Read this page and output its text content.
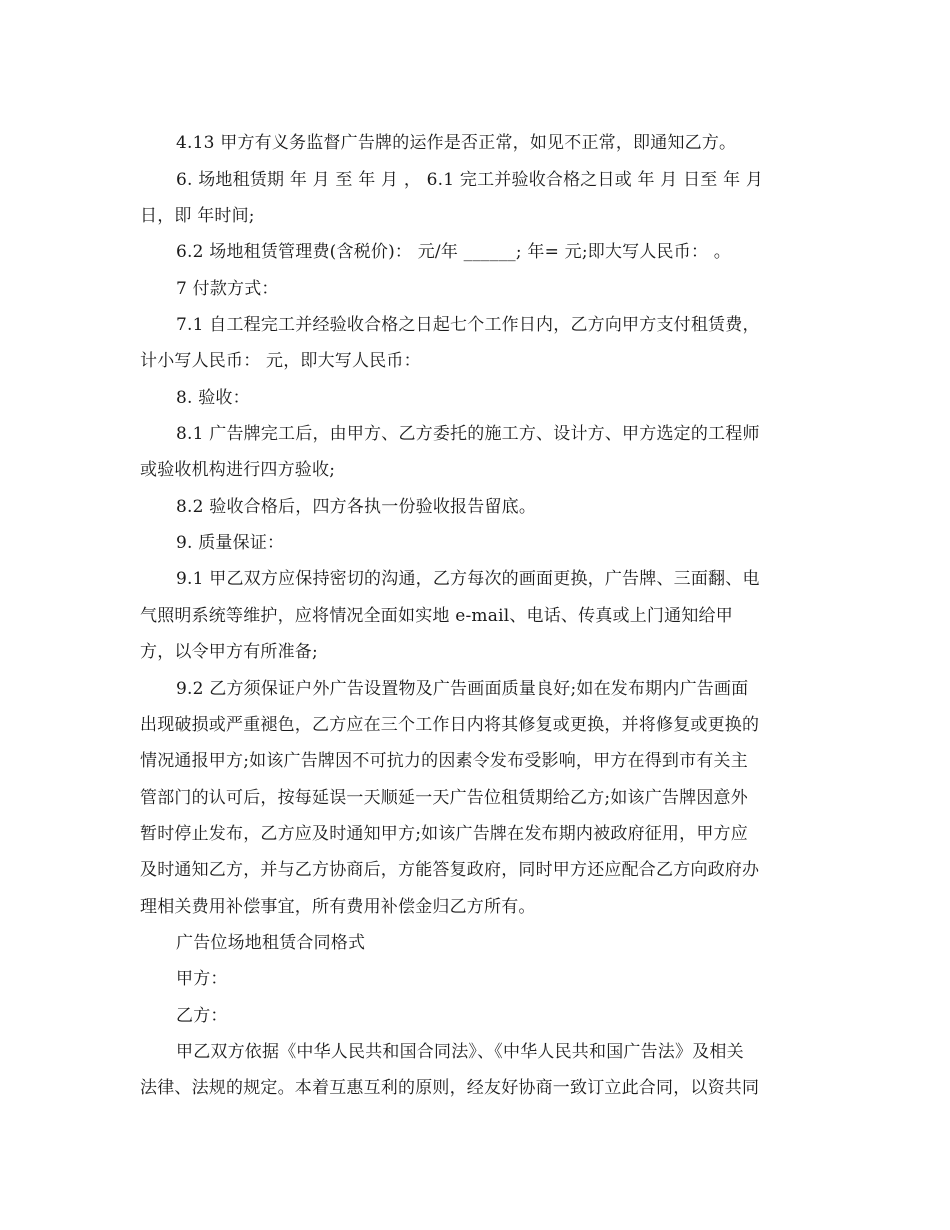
4.13 甲方有义务监督广告牌的运作是否正常，如见不正常，即通知乙方。
6. 场地租赁期 年 月 至 年 月 ， 6.1 完工并验收合格之日或 年 月 日至 年 月
日，即 年时间;
6.2 场地租赁管理费(含税价)： 元/年 ______; 年= 元;即大写人民币： 。
7 付款方式：
7.1 自工程完工并经验收合格之日起七个工作日内，乙方向甲方支付租赁费，
计小写人民币： 元，即大写人民币：
8. 验收：
8.1 广告牌完工后，由甲方、乙方委托的施工方、设计方、甲方选定的工程师
或验收机构进行四方验收;
8.2 验收合格后，四方各执一份验收报告留底。
9. 质量保证：
9.1 甲乙双方应保持密切的沟通，乙方每次的画面更换，广告牌、三面翻、电
气照明系统等维护，应将情况全面如实地 e-mail、电话、传真或上门通知给甲
方，以令甲方有所准备;
9.2 乙方须保证户外广告设置物及广告画面质量良好;如在发布期内广告画面
出现破损或严重褪色，乙方应在三个工作日内将其修复或更换，并将修复或更换的
情况通报甲方;如该广告牌因不可抗力的因素令发布受影响，甲方在得到市有关主
管部门的认可后，按每延误一天顺延一天广告位租赁期给乙方;如该广告牌因意外
暂时停止发布，乙方应及时通知甲方;如该广告牌在发布期内被政府征用，甲方应
及时通知乙方，并与乙方协商后，方能答复政府，同时甲方还应配合乙方向政府办
理相关费用补偿事宜，所有费用补偿金归乙方所有。
广告位场地租赁合同格式
甲方：
乙方：
甲乙双方依据《中华人民共和国合同法》、《中华人民共和国广告法》及相关
法律、法规的规定。本着互惠互利的原则，经友好协商一致订立此合同，以资共同
